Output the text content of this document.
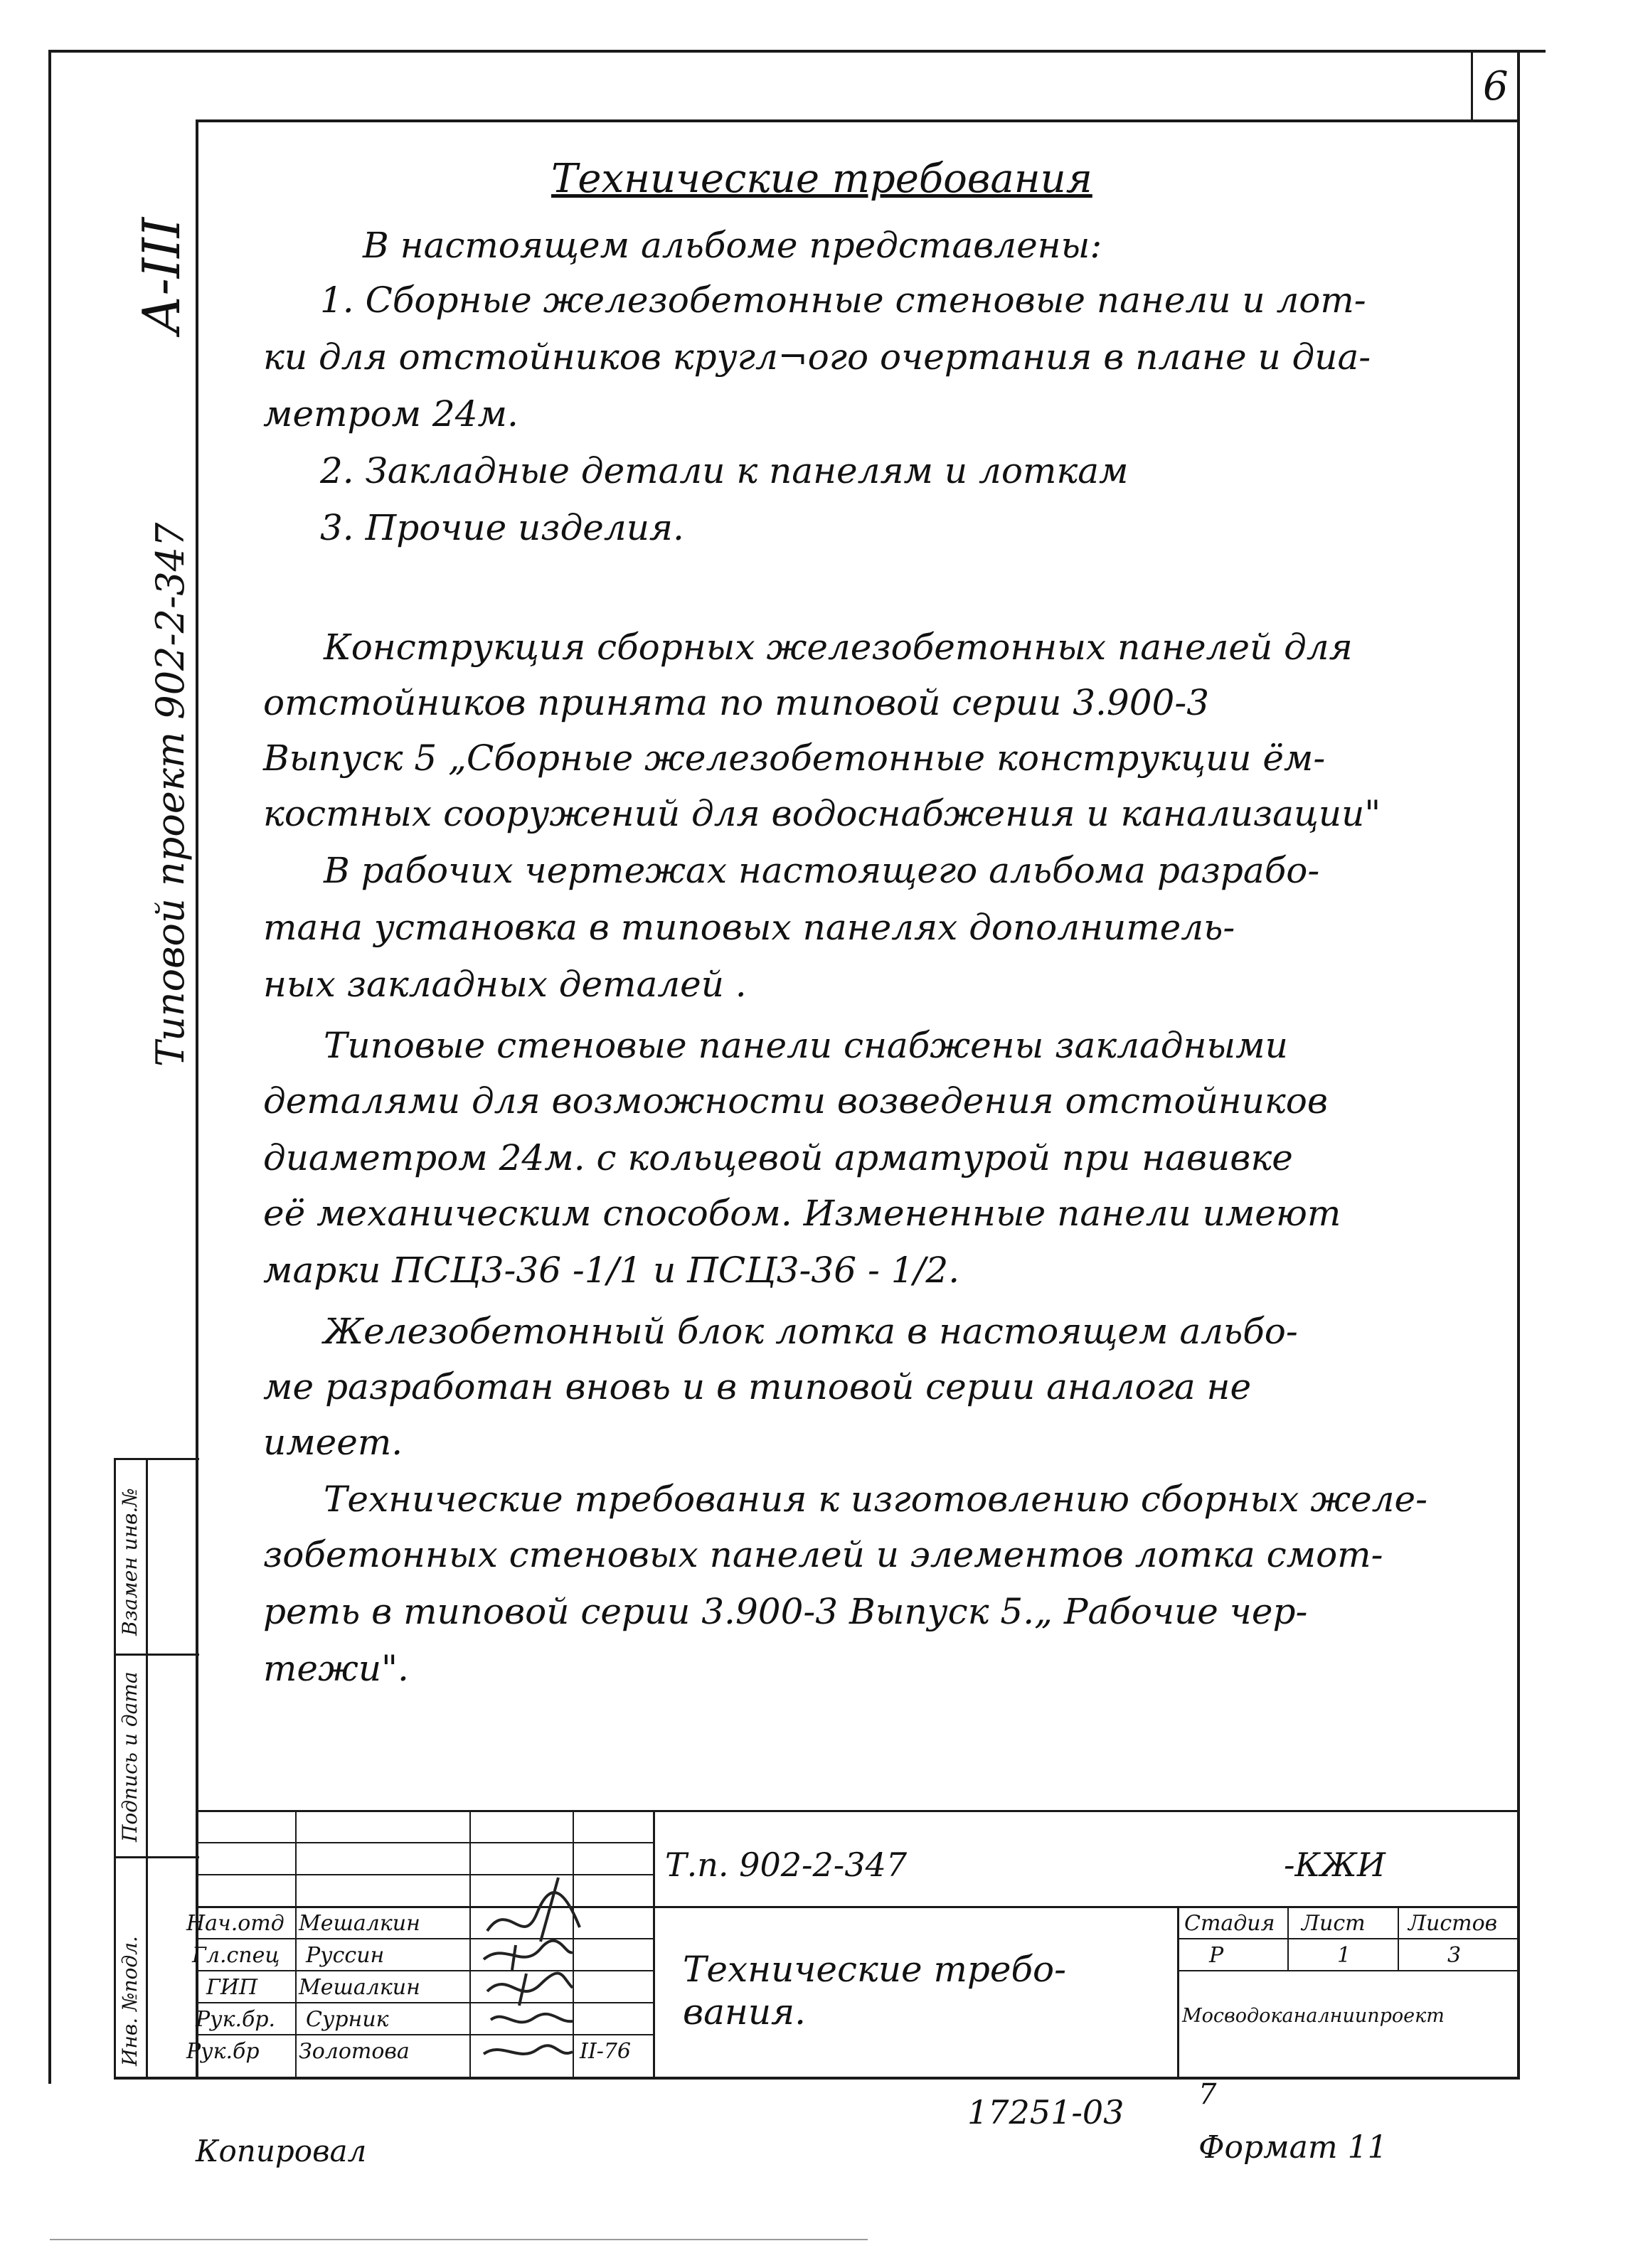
6
А-III
Типовой проект 902-2-347
Взамен инв.№
Подпись и дата
Инв. №подл.
Технические требования
В настоящем альбоме представлены:
1. Сборные железобетонные стеновые панели и лот-
ки для отстойников кругл¬ого очертания в плане и диа-
метром 24м.
2. Закладные детали к панелям и лоткам
3. Прочие изделия.
Конструкция сборных железобетонных панелей для
отстойников принята по типовой серии 3.900-3
Выпуск 5 „Сборные железобетонные конструкции ём-
костных сооружений для водоснабжения и канализации"
В рабочих чертежах настоящего альбома разрабо-
тана установка в типовых панелях дополнитель-
ных закладных деталей .
Типовые стеновые панели снабжены закладными
деталями для возможности возведения отстойников
диаметром 24м. с кольцевой арматурой при навивке
её механическим способом. Измененные панели имеют
марки ПСЦ3-36 -1/1 и ПСЦ3-36 - 1/2.
Железобетонный блок лотка в настоящем альбо-
ме разработан вновь и в типовой серии аналога не
имеет.
Технические требования к изготовлению сборных желе-
зобетонных стеновых панелей и элементов лотка смот-
реть в типовой серии 3.900-3 Выпуск 5.„ Рабочие чер-
тежи".
Т.п. 902-2-347	-КЖИ
Нач.отд Мешалкин
Гл.спец Руссин
ГИП Мешалкин
Рук.бр. Сурник
Рук.бр Золотова	II-76
Технические требо-
вания.
Стадия Лист Листов
Р	1	3
Мосводоканалниипроект
Копировал
17251-03	7
Формат 11
